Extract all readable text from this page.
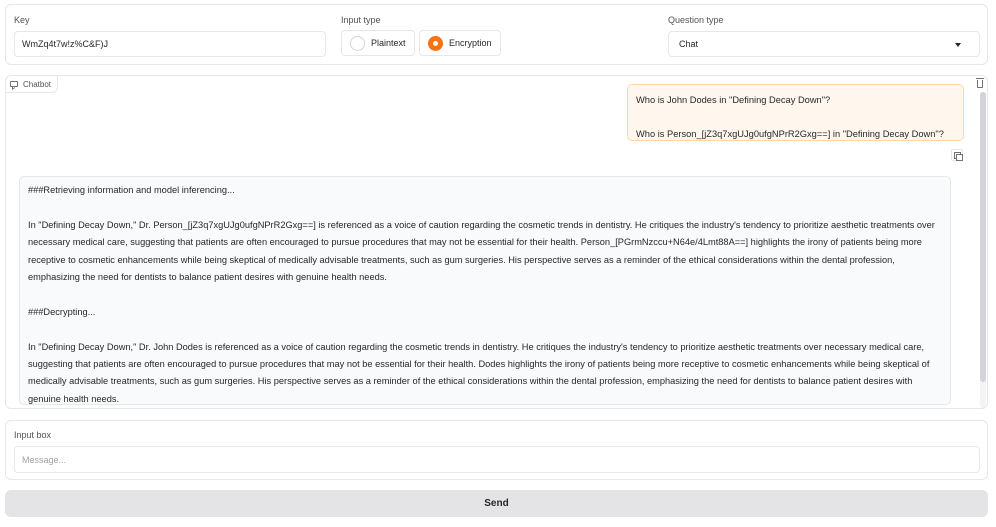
Key
WmZq4t7w!z%C&F)J	Input type
Plaintext	Encryption
Question type
Chat
Chatbot

Who is John Dodes in "Defining Decay Down"?

Who is Person_[jZ3q7xgUJg0ufgNPrR2Gxg==] in "Defining Decay Down"?

###Retrieving information and model inferencing...

In "Defining Decay Down," Dr. Person_[jZ3q7xgUJg0ufgNPrR2Gxg==] is referenced as a voice of caution regarding the cosmetic trends in dentistry. He critiques the industry's tendency to prioritize aesthetic treatments over necessary medical care, suggesting that patients are often encouraged to pursue procedures that may not be essential for their health. Person_[PGrmNzccu+N64e/4Lmt88A==] highlights the irony of patients being more receptive to cosmetic enhancements while being skeptical of medically advisable treatments, such as gum surgeries. His perspective serves as a reminder of the ethical considerations within the dental profession, emphasizing the need for dentists to balance patient desires with genuine health needs.

###Decrypting...

In "Defining Decay Down," Dr. John Dodes is referenced as a voice of caution regarding the cosmetic trends in dentistry. He critiques the industry's tendency to prioritize aesthetic treatments over necessary medical care, suggesting that patients are often encouraged to pursue procedures that may not be essential for their health. Dodes highlights the irony of patients being more receptive to cosmetic enhancements while being skeptical of medically advisable treatments, such as gum surgeries. His perspective serves as a reminder of the ethical considerations within the dental profession, emphasizing the need for dentists to balance patient desires with genuine health needs.

Input box
Message...
Send
